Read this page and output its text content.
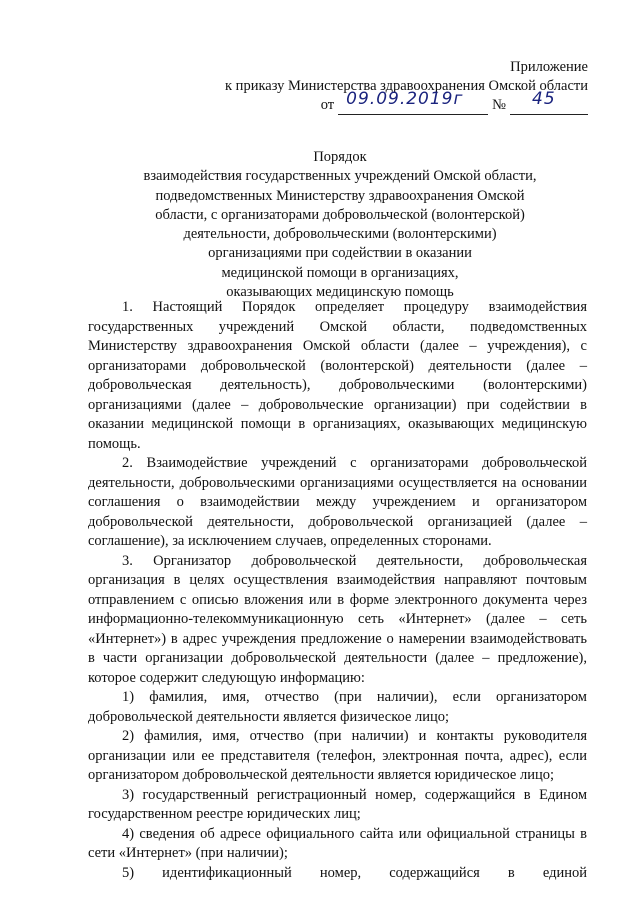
Приложение
к приказу Министерства здравоохранения Омской области
от 09.09.2019г № 45
Порядок
взаимодействия государственных учреждений Омской области,
подведомственных Министерству здравоохранения Омской
области, с организаторами добровольческой (волонтерской)
деятельности, добровольческими (волонтерскими)
организациями при содействии в оказании
медицинской помощи в организациях,
оказывающих медицинскую помощь

1. Настоящий Порядок определяет процедуру взаимодействия государственных учреждений Омской области, подведомственных Министерству здравоохранения Омской области (далее – учреждения), с организаторами добровольческой (волонтерской) деятельности (далее – добровольческая деятельность), добровольческими (волонтерскими) организациями (далее – добровольческие организации) при содействии в оказании медицинской помощи в организациях, оказывающих медицинскую помощь.

2. Взаимодействие учреждений с организаторами добровольческой деятельности, добровольческими организациями осуществляется на основании соглашения о взаимодействии между учреждением и организатором добровольческой деятельности, добровольческой организацией (далее – соглашение), за исключением случаев, определенных сторонами.

3. Организатор добровольческой деятельности, добровольческая организация в целях осуществления взаимодействия направляют почтовым отправлением с описью вложения или в форме электронного документа через информационно-телекоммуникационную сеть «Интернет» (далее – сеть «Интернет») в адрес учреждения предложение о намерении взаимодействовать в части организации добровольческой деятельности (далее – предложение), которое содержит следующую информацию:

1) фамилия, имя, отчество (при наличии), если организатором добровольческой деятельности является физическое лицо;

2) фамилия, имя, отчество (при наличии) и контакты руководителя организации или ее представителя (телефон, электронная почта, адрес), если организатором добровольческой деятельности является юридическое лицо;

3) государственный регистрационный номер, содержащийся в Едином государственном реестре юридических лиц;

4) сведения об адресе официального сайта или официальной страницы в сети «Интернет» (при наличии);

5) идентификационный номер, содержащийся в единой
